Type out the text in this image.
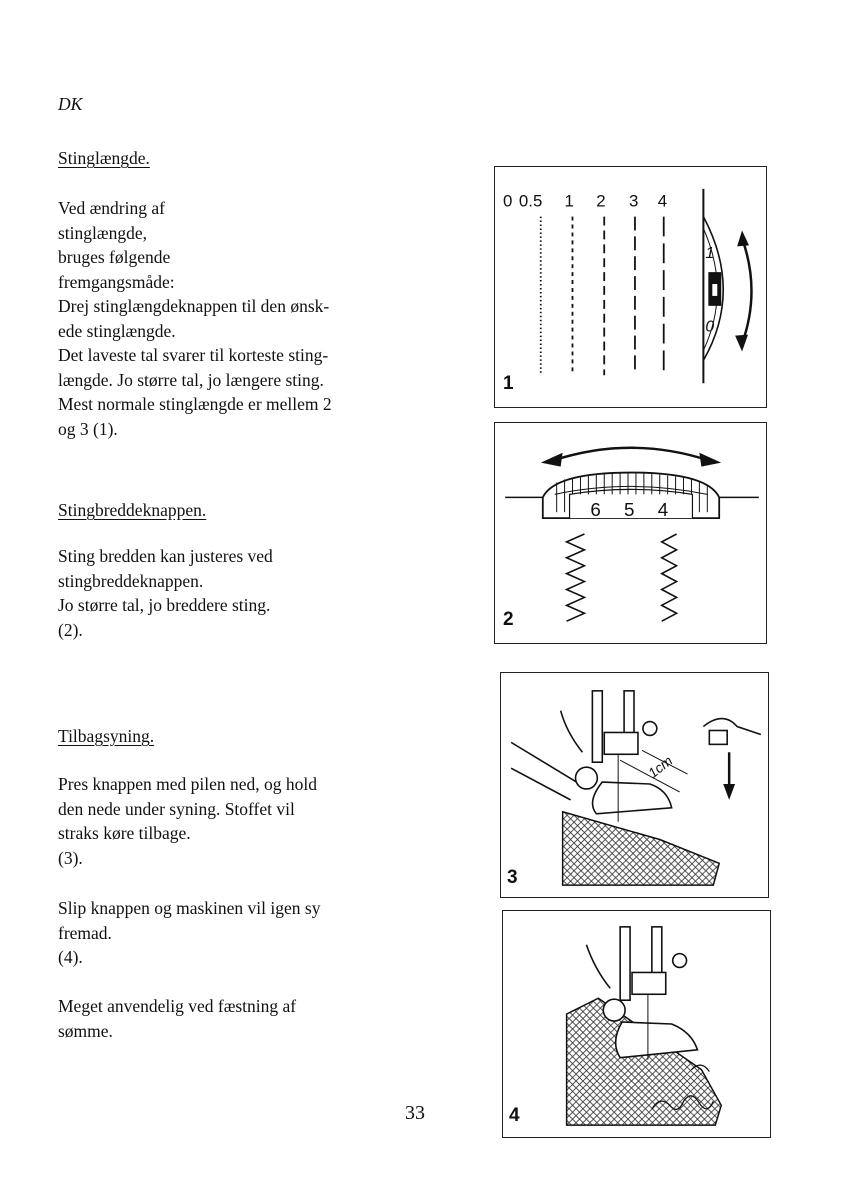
DK
Stinglængde.
Ved ændring af
stinglængde,
bruges følgende
fremgangsmåde:
Drej stinglængdeknappen til den ønsk-
ede stinglængde.
Det laveste tal svarer til korteste sting-
længde. Jo større tal, jo længere sting.
Mest normale stinglængde er mellem 2
og 3 (1).
Stingbreddeknappen.
Sting bredden kan justeres ved
stingbreddeknappen.
Jo større tal, jo breddere sting.
(2).
Tilbagsyning.
Pres knappen med pilen ned, og hold
den nede under syning. Stoffet vil
straks køre tilbage.
(3).
Slip knappen og maskinen vil igen sy
fremad.
(4).
Meget anvendelig ved fæstning af
sømme.
33
0 0.5 1 2 3 4
1
0
1
6 5 4
2
1cm
3
4
